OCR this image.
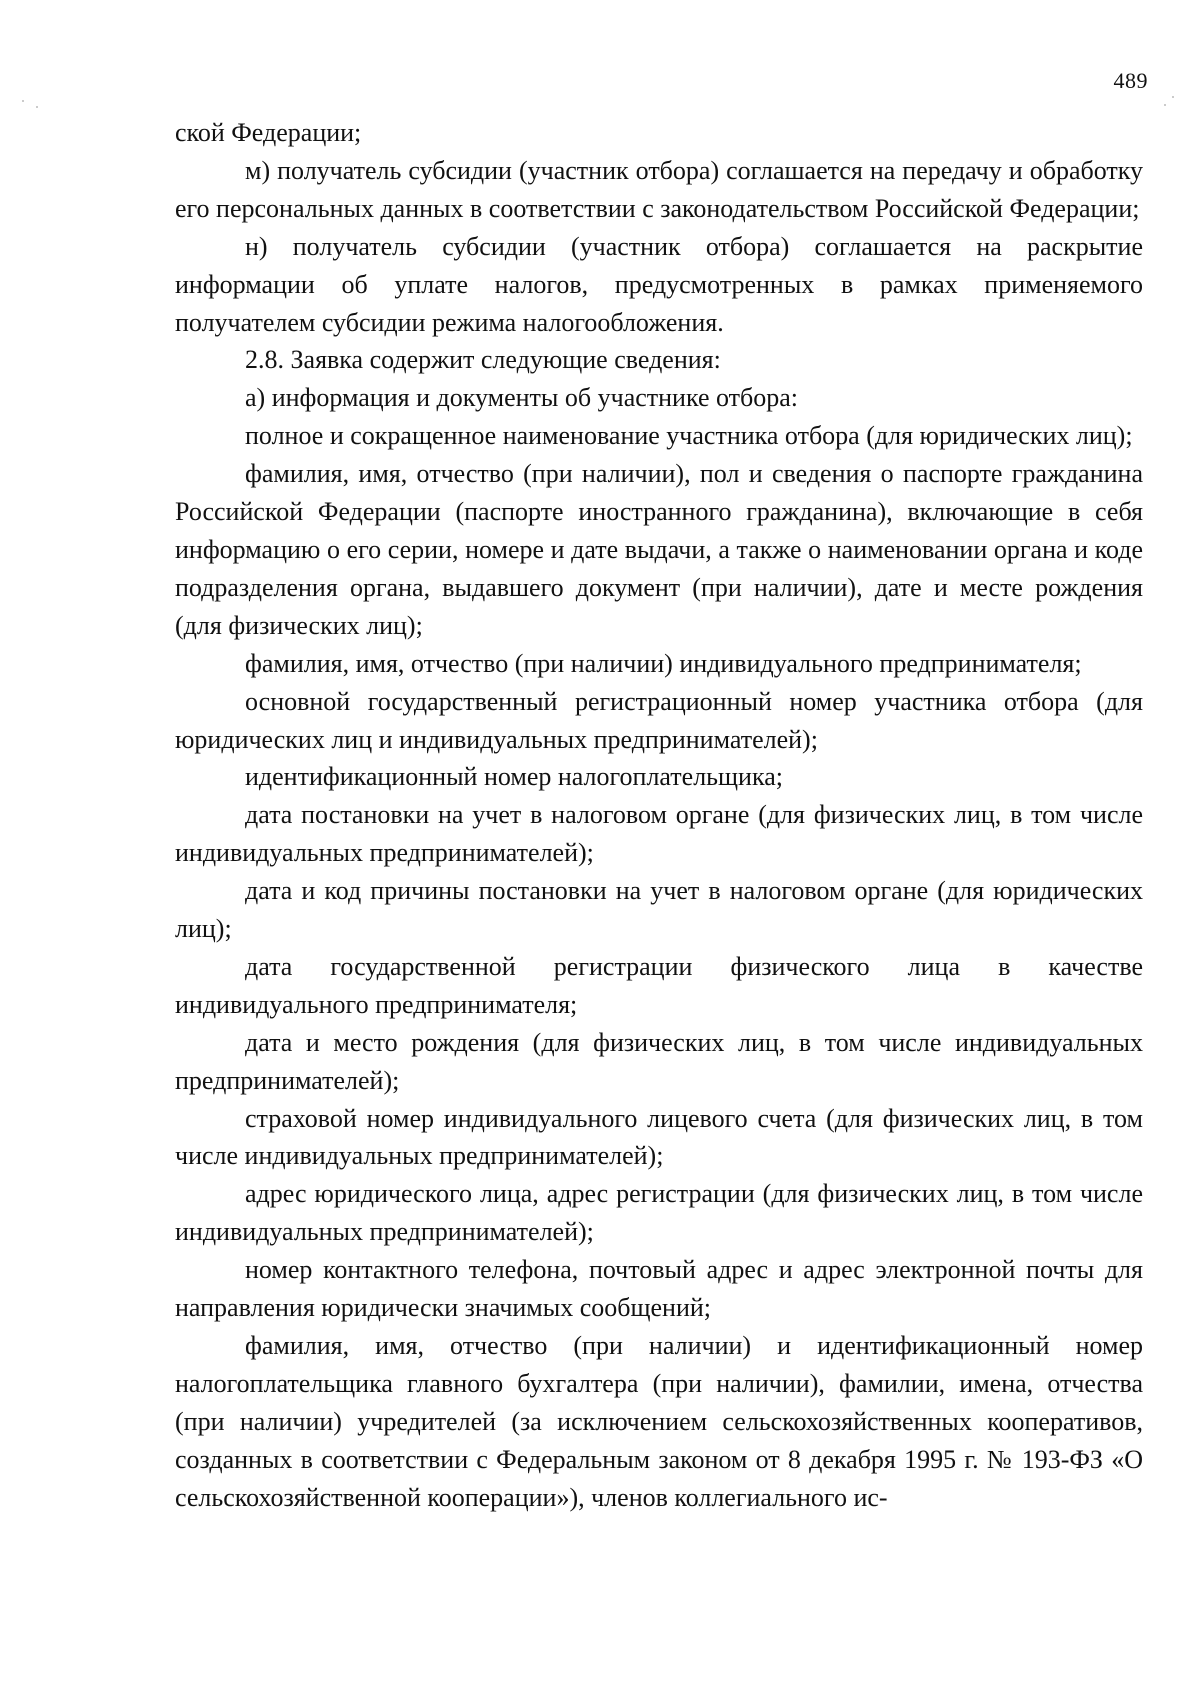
489

ской Федерации;

м) получатель субсидии (участник отбора) соглашается на передачу и обработку его персональных данных в соответствии с законодательством Российской Федерации;

н) получатель субсидии (участник отбора) соглашается на раскрытие информации об уплате налогов, предусмотренных в рамках применяемого получателем субсидии режима налогообложения.

2.8. Заявка содержит следующие сведения:

а) информация и документы об участнике отбора:

полное и сокращенное наименование участника отбора (для юридических лиц);

фамилия, имя, отчество (при наличии), пол и сведения о паспорте гражданина Российской Федерации (паспорте иностранного гражданина), включающие в себя информацию о его серии, номере и дате выдачи, а также о наименовании органа и коде подразделения органа, выдавшего документ (при наличии), дате и месте рождения (для физических лиц);

фамилия, имя, отчество (при наличии) индивидуального предпринимателя;

основной государственный регистрационный номер участника отбора (для юридических лиц и индивидуальных предпринимателей);

идентификационный номер налогоплательщика;

дата постановки на учет в налоговом органе (для физических лиц, в том числе индивидуальных предпринимателей);

дата и код причины постановки на учет в налоговом органе (для юридических лиц);

дата государственной регистрации физического лица в качестве индивидуального предпринимателя;

дата и место рождения (для физических лиц, в том числе индивидуальных предпринимателей);

страховой номер индивидуального лицевого счета (для физических лиц, в том числе индивидуальных предпринимателей);

адрес юридического лица, адрес регистрации (для физических лиц, в том числе индивидуальных предпринимателей);

номер контактного телефона, почтовый адрес и адрес электронной почты для направления юридически значимых сообщений;

фамилия, имя, отчество (при наличии) и идентификационный номер налогоплательщика главного бухгалтера (при наличии), фамилии, имена, отчества (при наличии) учредителей (за исключением сельскохозяйственных кооперативов, созданных в соответствии с Федеральным законом от 8 декабря 1995 г. № 193-ФЗ «О сельскохозяйственной кооперации»), членов коллегиального ис-
